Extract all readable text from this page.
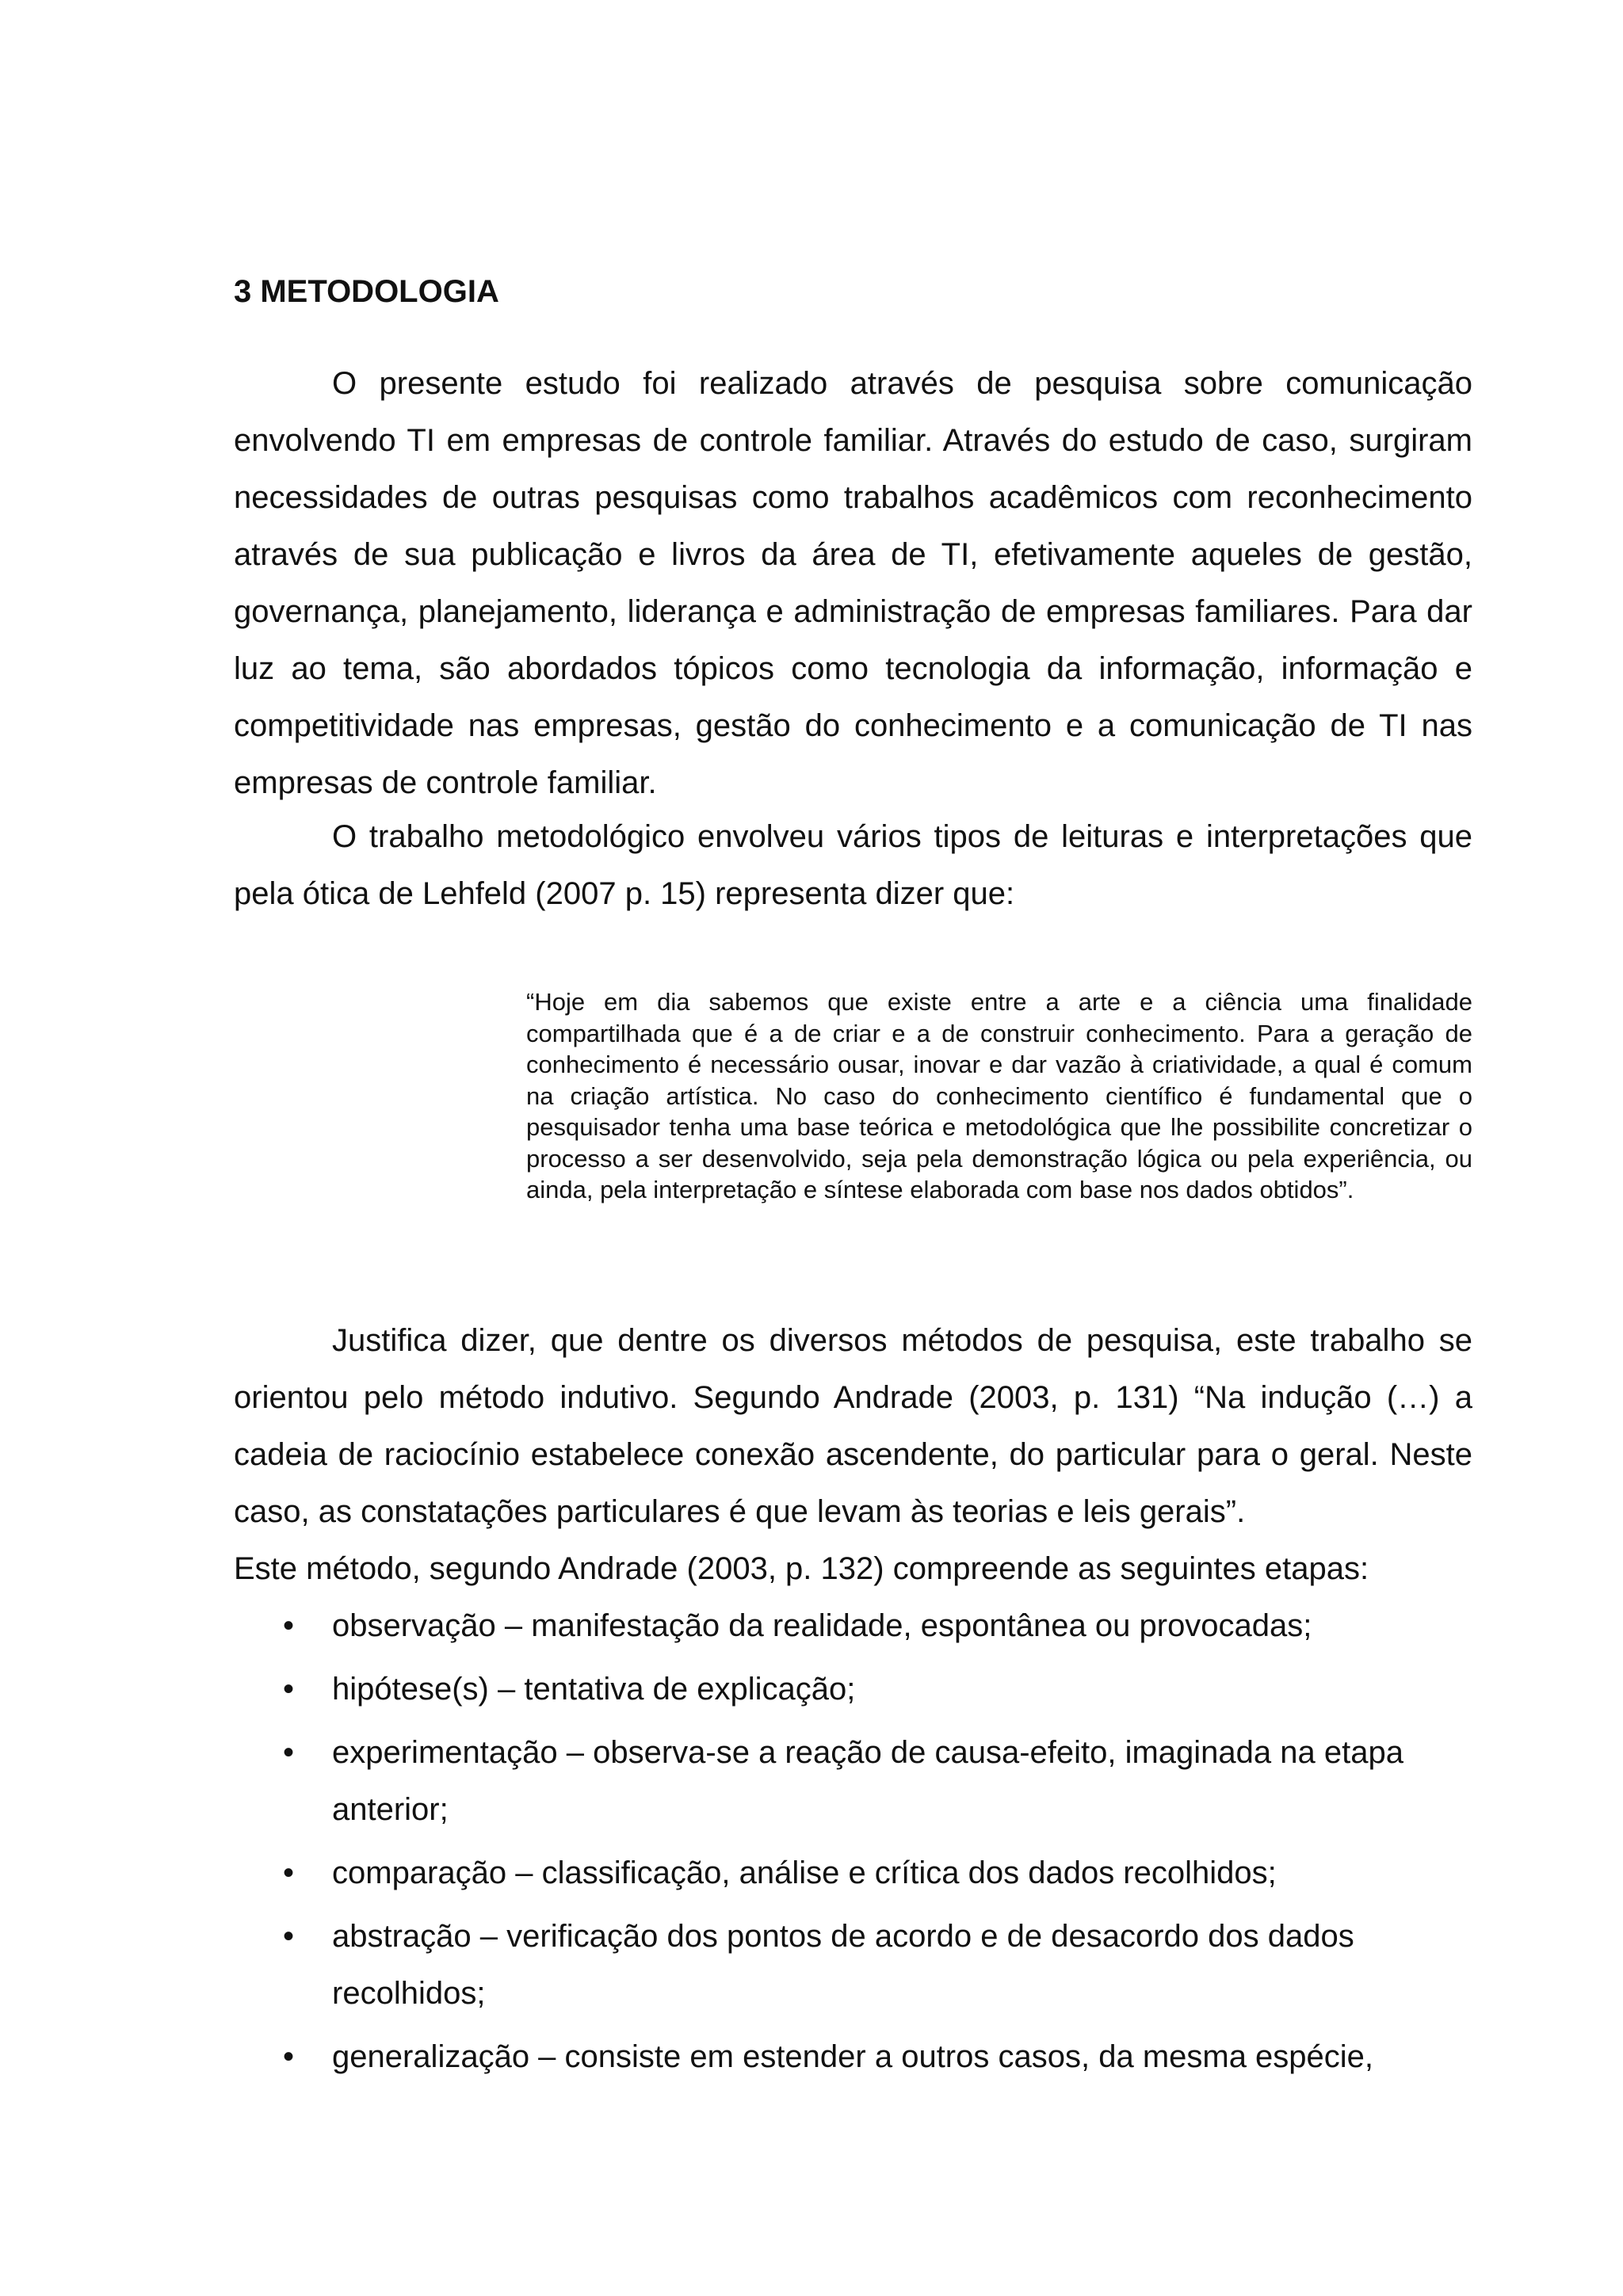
3 METODOLOGIA

O presente estudo foi realizado através de pesquisa sobre comunicação envolvendo TI em empresas de controle familiar. Através do estudo de caso, surgiram necessidades de outras pesquisas como trabalhos acadêmicos com reconhecimento através de sua publicação e livros da área de TI, efetivamente aqueles de gestão, governança, planejamento, liderança e administração de empresas familiares. Para dar luz ao tema, são abordados tópicos como tecnologia da informação, informação e competitividade nas empresas, gestão do conhecimento e a comunicação de TI nas empresas de controle familiar.

O trabalho metodológico envolveu vários tipos de leituras e interpretações que pela ótica de Lehfeld (2007 p. 15) representa dizer que:

“Hoje em dia sabemos que existe entre a arte e a ciência uma finalidade compartilhada que é a de criar e a de construir conhecimento. Para a geração de conhecimento é necessário ousar, inovar e dar vazão à criatividade, a qual é comum na criação artística. No caso do conhecimento científico é fundamental que o pesquisador tenha uma base teórica e metodológica que lhe possibilite concretizar o processo a ser desenvolvido, seja pela demonstração lógica ou pela experiência, ou ainda, pela interpretação e síntese elaborada com base nos dados obtidos”.

Justifica dizer, que dentre os diversos métodos de pesquisa, este trabalho se orientou pelo método indutivo. Segundo Andrade (2003, p. 131) “Na indução (…) a cadeia de raciocínio estabelece conexão ascendente, do particular para o geral. Neste caso, as constatações particulares é que levam às teorias e leis gerais”.

Este método, segundo Andrade (2003, p. 132) compreende as seguintes etapas:

• observação – manifestação da realidade, espontânea ou provocadas;
• hipótese(s) – tentativa de explicação;
• experimentação – observa-se a reação de causa-efeito, imaginada na etapa anterior;
• comparação – classificação, análise e crítica dos dados recolhidos;
• abstração – verificação dos pontos de acordo e de desacordo dos dados recolhidos;
• generalização – consiste em estender a outros casos, da mesma espécie,
